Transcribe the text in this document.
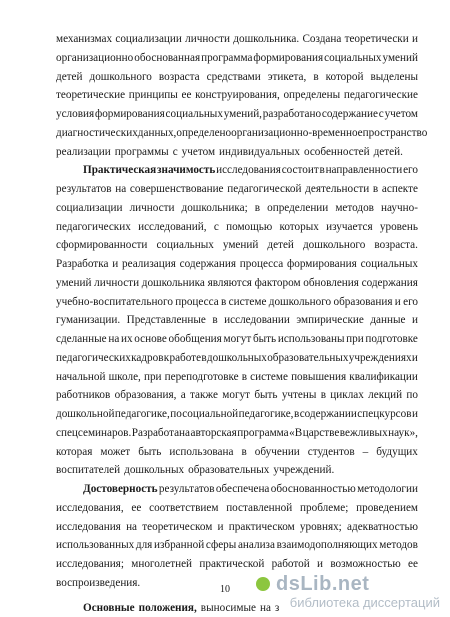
механизмах социализации личности дошкольника. Создана теоретически и
организационно обоснованная программа формирования социальных умений
детей дошкольного возраста средствами этикета, в которой выделены
теоретические принципы ее конструирования, определены педагогические
условия формирования социальных умений, разработано содержание с учетом
диагностических данных, определено организационно-временное пространство
реализации программы с учетом индивидуальных особенностей детей.
Практическая значимость исследования состоит в направленности его
результатов на совершенствование педагогической деятельности в аспекте
социализации личности дошкольника; в определении методов научно-
педагогических исследований, с помощью которых изучается уровень
сформированности социальных умений детей дошкольного возраста.
Разработка и реализация содержания процесса формирования социальных
умений личности дошкольника являются фактором обновления содержания
учебно-воспитательного процесса в системе дошкольного образования и его
гуманизации. Представленные в исследовании эмпирические данные и
сделанные на их основе обобщения могут быть использованы при подготовке
педагогических кадров к работе в дошкольных образовательных учреждениях и
начальной школе, при переподготовке в системе повышения квалификации
работников образования, а также могут быть учтены в циклах лекций по
дошкольной педагогике, по социальной педагогике, в содержании спецкурсов и
спецсеминаров. Разработана авторская программа «В царстве вежливых наук»,
которая может быть использована в обучении студентов – будущих
воспитателей дошкольных образовательных учреждений.
Достоверность результатов обеспечена обоснованностью методологии
исследования, ее соответствием поставленной проблеме; проведением
исследования на теоретическом и практическом уровнях; адекватностью
использованных для избранной сферы анализа взаимодополняющих методов
исследования; многолетней практической работой и возможностью ее
воспроизведения.
Основные положения, выносимые на з
10	dsLib.net
библиотека диссертаций
